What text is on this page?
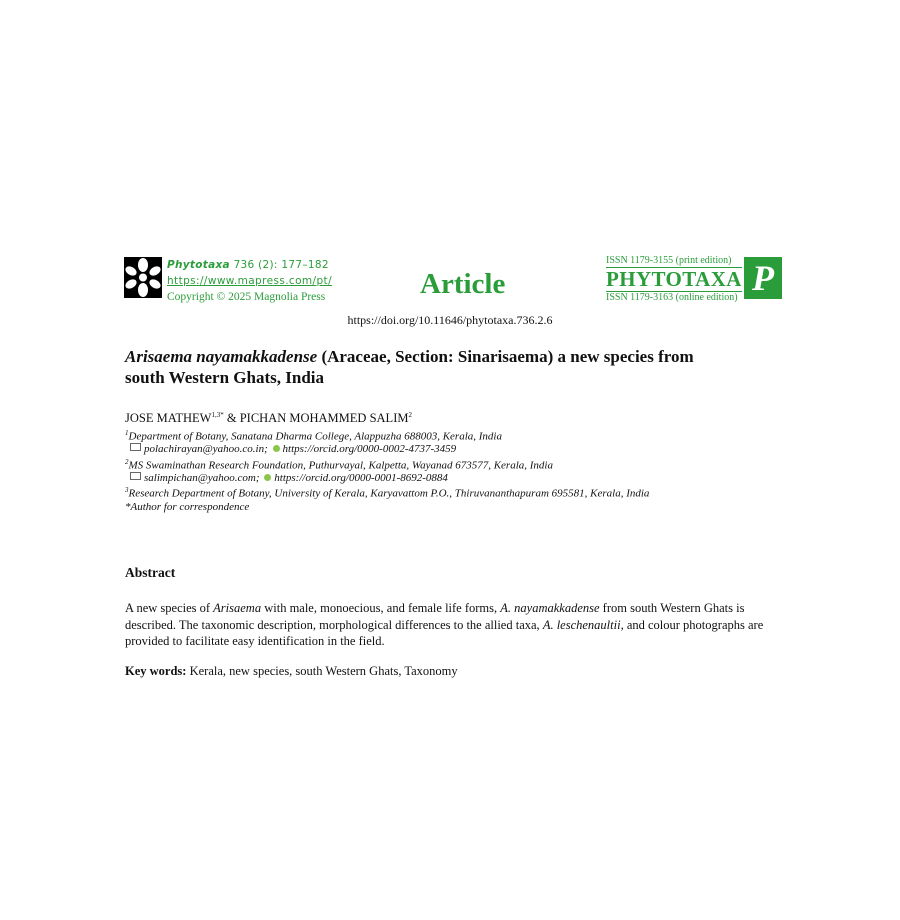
Phytotaxa 736 (2): 177–182
https://www.mapress.com/pt/
Copyright © 2025 Magnolia Press	Article
ISSN 1179-3155 (print edition)
PHYTOTAXA
ISSN 1179-3163 (online edition) P
https://doi.org/10.11646/phytotaxa.736.2.6
Arisaema nayamakkadense (Araceae, Section: Sinarisaema) a new species from
south Western Ghats, India
JOSE $MATHEW^{1,3*}$ & PICHAN MOHAMMED SALIM$^2$
$^1$Department of Botany, Sanatana Dharma College, Alappuzha 688003, Kerala, India
polachirayan@yahoo.co.in; https://orcid.org/0000-0002-4737-3459
$^2$MS Swaminathan Research Foundation, Puthurvayal, Kalpetta, Wayanad 673577, Kerala, India
salimpichan@yahoo.com; https://orcid.org/0000-0001-8692-0884
$^3$Research Department of Botany, University of Kerala, Karyavattom P.O., Thiruvananthapuram 695581, Kerala, India
*Author for correspondence
Abstract
A new species of Arisaema with male, monoecious, and female life forms, A. nayamakkadense from south Western Ghats is described. The taxonomic description, morphological differences to the allied taxa, A. leschenaultii, and colour photographs are provided to facilitate easy identification in the field.
Key words: Kerala, new species, south Western Ghats, Taxonomy
